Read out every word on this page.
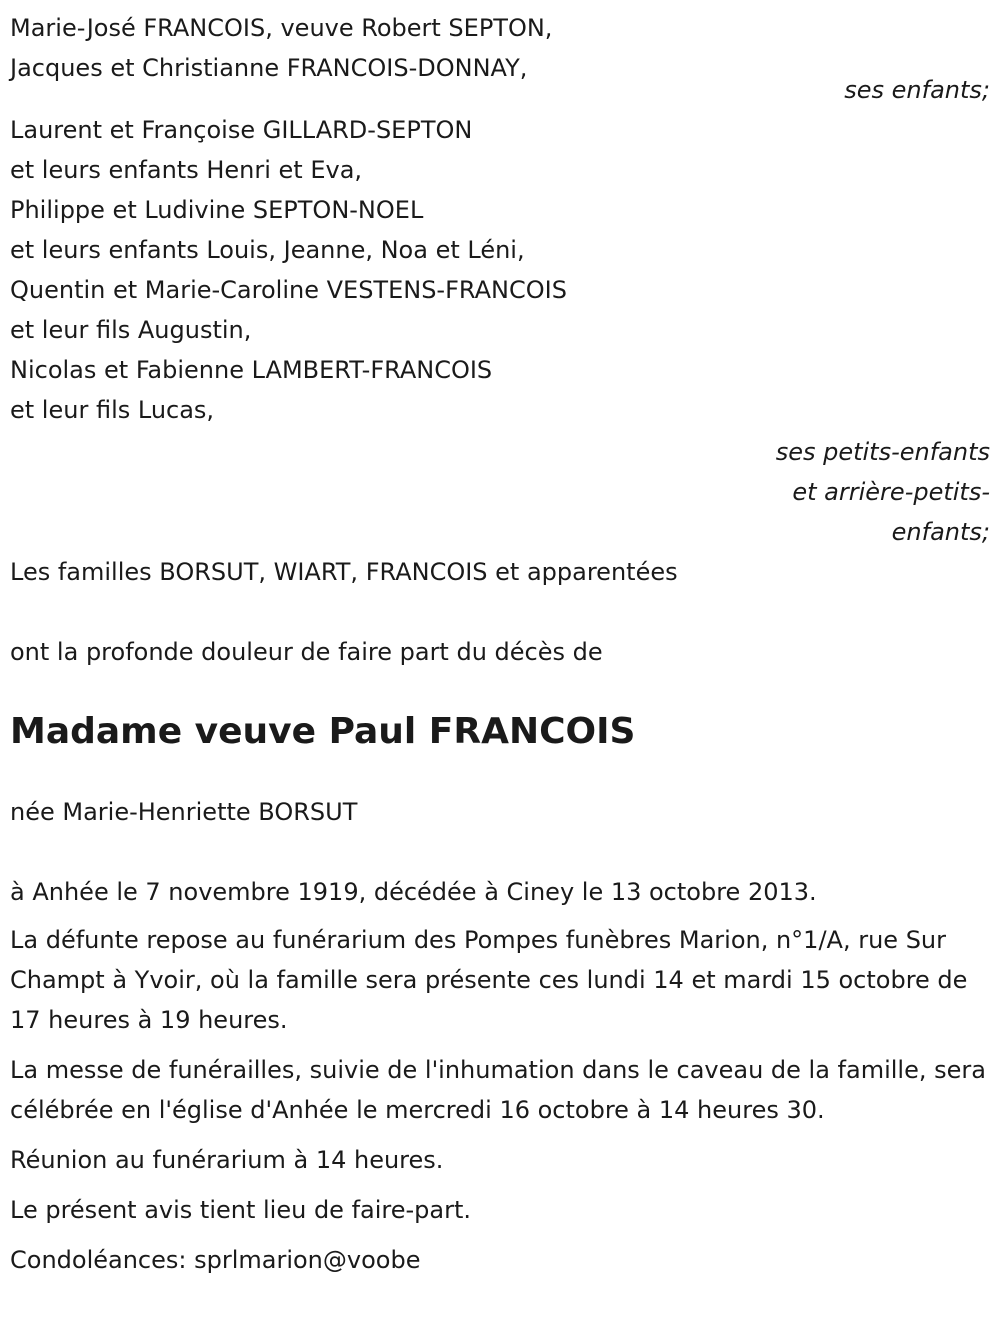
Marie-José FRANCOIS, veuve Robert SEPTON,

Jacques et Christianne FRANCOIS-DONNAY,

ses enfants;

Laurent et Françoise GILLARD-SEPTON

et leurs enfants Henri et Eva,

Philippe et Ludivine SEPTON-NOEL

et leurs enfants Louis, Jeanne, Noa et Léni,

Quentin et Marie-Caroline VESTENS-FRANCOIS

et leur fils Augustin,

Nicolas et Fabienne LAMBERT-FRANCOIS

et leur fils Lucas,

ses petits-enfants

et arrière-petits-

enfants;

Les familles BORSUT, WIART, FRANCOIS et apparentées

ont la profonde douleur de faire part du décès de

Madame veuve Paul FRANCOIS

née Marie-Henriette BORSUT

à Anhée le 7 novembre 1919, décédée à Ciney le 13 octobre 2013.

La défunte repose au funérarium des Pompes funèbres Marion, n°1/A, rue Sur Champt à Yvoir, où la famille sera présente ces lundi 14 et mardi 15 octobre de 17 heures à 19 heures.

La messe de funérailles, suivie de l'inhumation dans le caveau de la famille, sera célébrée en l'église d'Anhée le mercredi 16 octobre à 14 heures 30.

Réunion au funérarium à 14 heures.

Le présent avis tient lieu de faire-part.

Condoléances: sprlmarion@voobe
